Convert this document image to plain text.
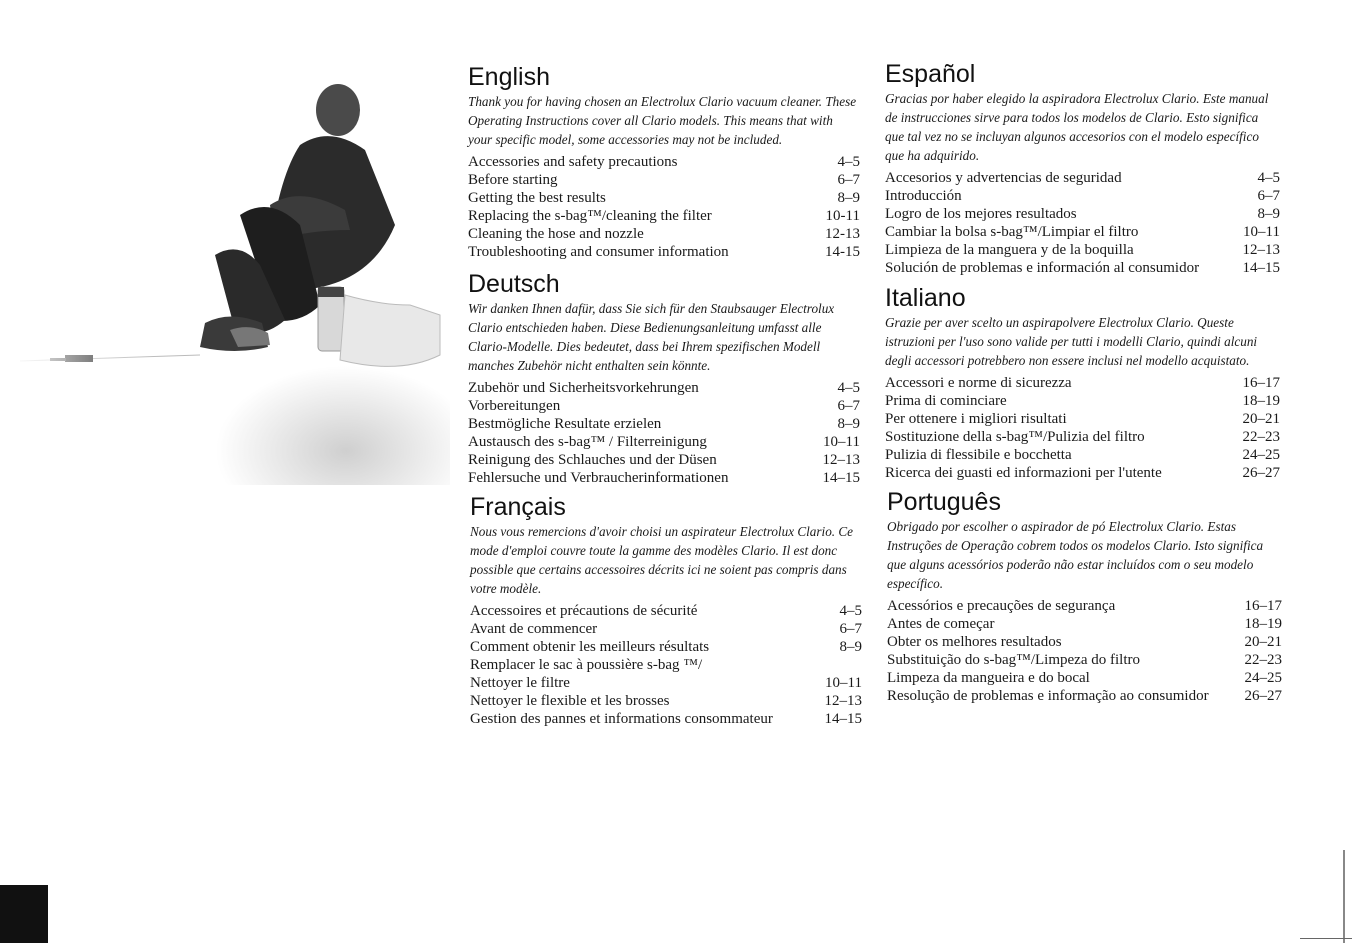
English

Thank you for having chosen an Electrolux Clario vacuum cleaner. These Operating Instructions cover all Clario models. This means that with your specific model, some accessories may not be included.

Accessories and safety precautions	4–5
Before starting	6–7
Getting the best results	8–9
Replacing the s-bag™/cleaning the filter	10-11
Cleaning the hose and nozzle	12-13
Troubleshooting and consumer information	14-15
Deutsch

Wir danken Ihnen dafür, dass Sie sich für den Staubsauger Electrolux Clario entschieden haben. Diese Bedienungsanleitung umfasst alle Clario-Modelle. Dies bedeutet, dass bei Ihrem spezifischen Modell manches Zubehör nicht enthalten sein könnte.

Zubehör und Sicherheitsvorkehrungen	4–5
Vorbereitungen	6–7
Bestmögliche Resultate erzielen	8–9
Austausch des s-bag™ / Filterreinigung	10–11
Reinigung des Schlauches und der Düsen	12–13
Fehlersuche und Verbraucherinformationen	14–15
Français

Nous vous remercions d'avoir choisi un aspirateur Electrolux Clario. Ce mode d'emploi couvre toute la gamme des modèles Clario. Il est donc possible que certains accessoires décrits ici ne soient pas compris dans votre modèle.

Accessoires et précautions de sécurité	4–5
Avant de commencer	6–7
Comment obtenir les meilleurs résultats	8–9
Remplacer le sac à poussière s-bag ™/
Nettoyer le filtre	10–11
Nettoyer le flexible et les brosses	12–13
Gestion des pannes et informations consommateur	14–15
Español

Gracias por haber elegido la aspiradora Electrolux Clario. Este manual de instrucciones sirve para todos los modelos de Clario. Esto significa que tal vez no se incluyan algunos accesorios con el modelo específico que ha adquirido.

Accesorios y advertencias de seguridad	4–5
Introducción	6–7
Logro de los mejores resultados	8–9
Cambiar la bolsa s-bag™/Limpiar el filtro	10–11
Limpieza de la manguera y de la boquilla	12–13
Solución de problemas e información al consumidor	14–15
Italiano

Grazie per aver scelto un aspirapolvere Electrolux Clario. Queste istruzioni per l'uso sono valide per tutti i modelli Clario, quindi alcuni degli accessori potrebbero non essere inclusi nel modello acquistato.

Accessori e norme di sicurezza	16–17
Prima di cominciare	18–19
Per ottenere i migliori risultati	20–21
Sostituzione della s-bag™/Pulizia del filtro	22–23
Pulizia di flessibile e bocchetta	24–25
Ricerca dei guasti ed informazioni per l'utente	26–27
Português

Obrigado por escolher o aspirador de pó Electrolux Clario. Estas Instruções de Operação cobrem todos os modelos Clario. Isto significa que alguns acessórios poderão não estar incluídos com o seu modelo específico.

Acessórios e precauções de segurança	16–17
Antes de começar	18–19
Obter os melhores resultados	20–21
Substituição do s-bag™/Limpeza do filtro	22–23
Limpeza da mangueira e do bocal	24–25
Resolução de problemas e informação ao consumidor	26–27
